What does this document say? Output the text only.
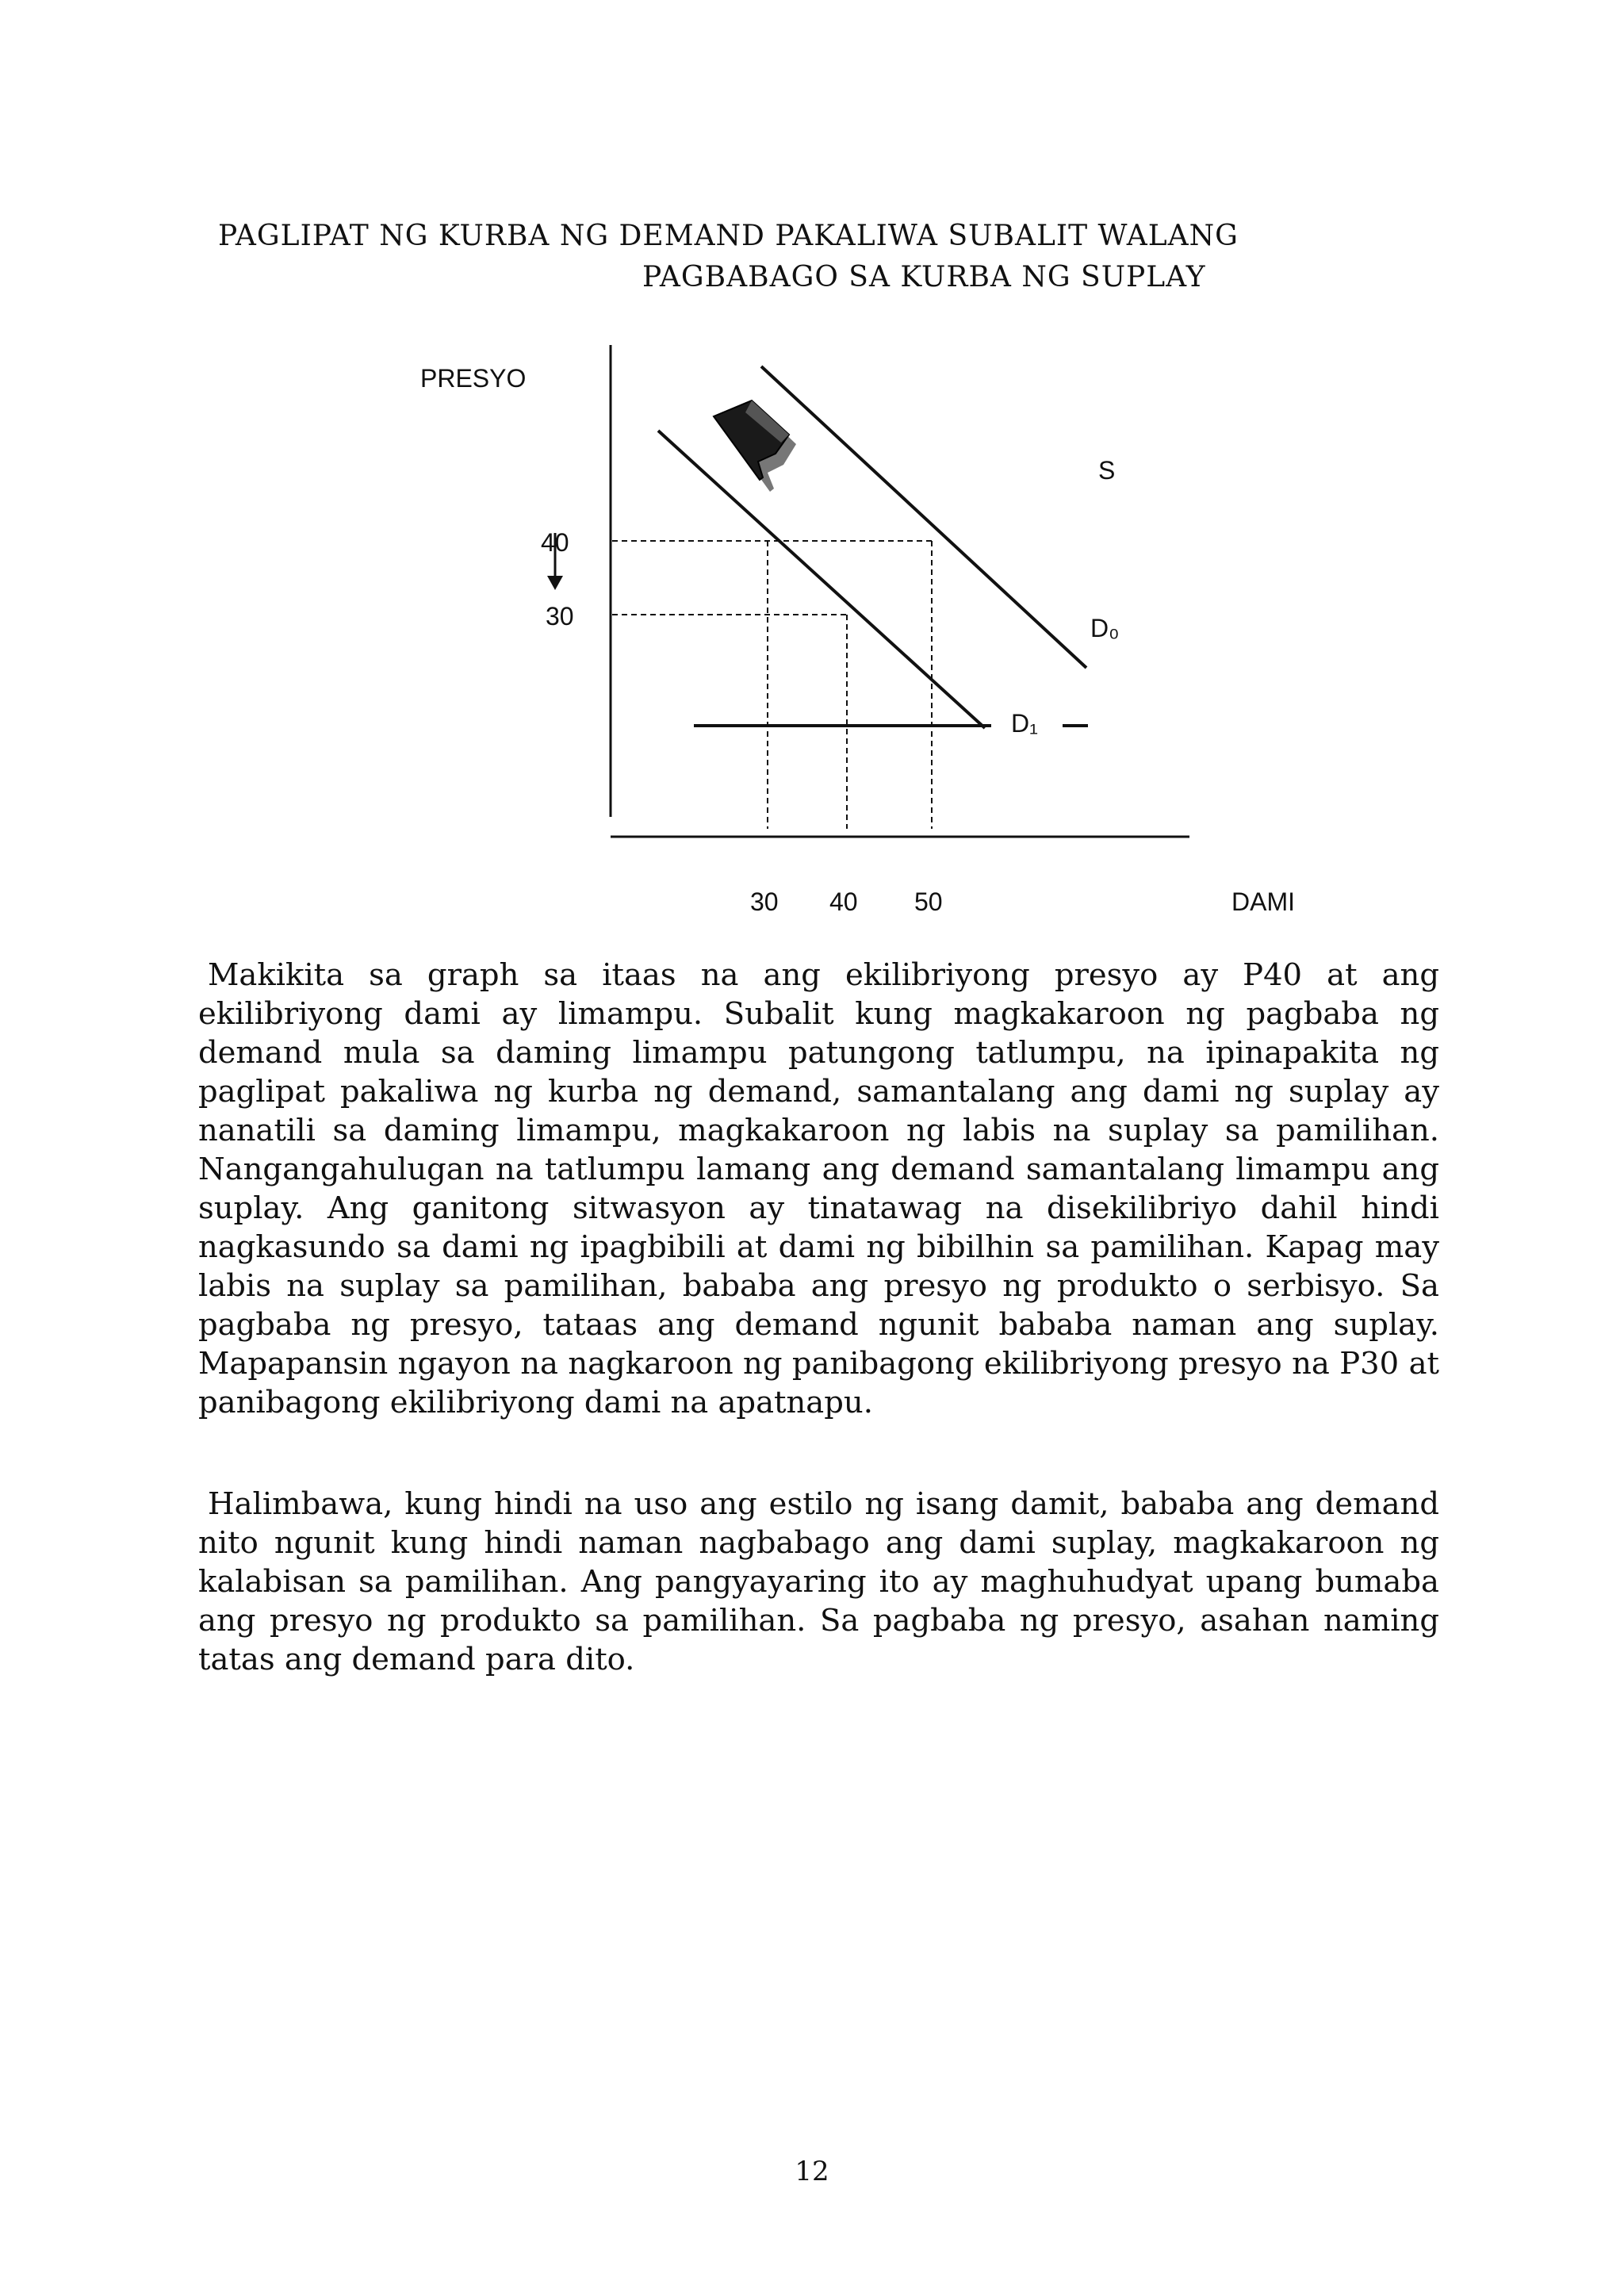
PAGLIPAT NG KURBA NG DEMAND PAKALIWA SUBALIT WALANG
PAGBABAGO SA KURBA NG SUPLAY
PRESYO
40
30
S
D₀
D₁
30 40 50	DAMI

Makikita sa graph sa itaas na ang ekilibriyong presyo ay P40 at ang ekilibriyong dami ay limampu. Subalit kung magkakaroon ng pagbaba ng demand mula sa daming limampu patungong tatlumpu, na ipinapakita ng paglipat pakaliwa ng kurba ng demand, samantalang ang dami ng suplay ay nanatili sa daming limampu, magkakaroon ng labis na suplay sa pamilihan. Nangangahulugan na tatlumpu lamang ang demand samantalang limampu ang suplay. Ang ganitong sitwasyon ay tinatawag na disekilibriyo dahil hindi nagkasundo sa dami ng ipagbibili at dami ng bibilhin sa pamilihan. Kapag may labis na suplay sa pamilihan, bababa ang presyo ng produkto o serbisyo. Sa pagbaba ng presyo, tataas ang demand ngunit bababa naman ang suplay. Mapapansin ngayon na nagkaroon ng panibagong ekilibriyong presyo na P30 at panibagong ekilibriyong dami na apatnapu.

Halimbawa, kung hindi na uso ang estilo ng isang damit, bababa ang demand nito ngunit kung hindi naman nagbabago ang dami suplay, magkakaroon ng kalabisan sa pamilihan. Ang pangyayaring ito ay maghuhudyat upang bumaba ang presyo ng produkto sa pamilihan. Sa pagbaba ng presyo, asahan naming tatas ang demand para dito.

12
